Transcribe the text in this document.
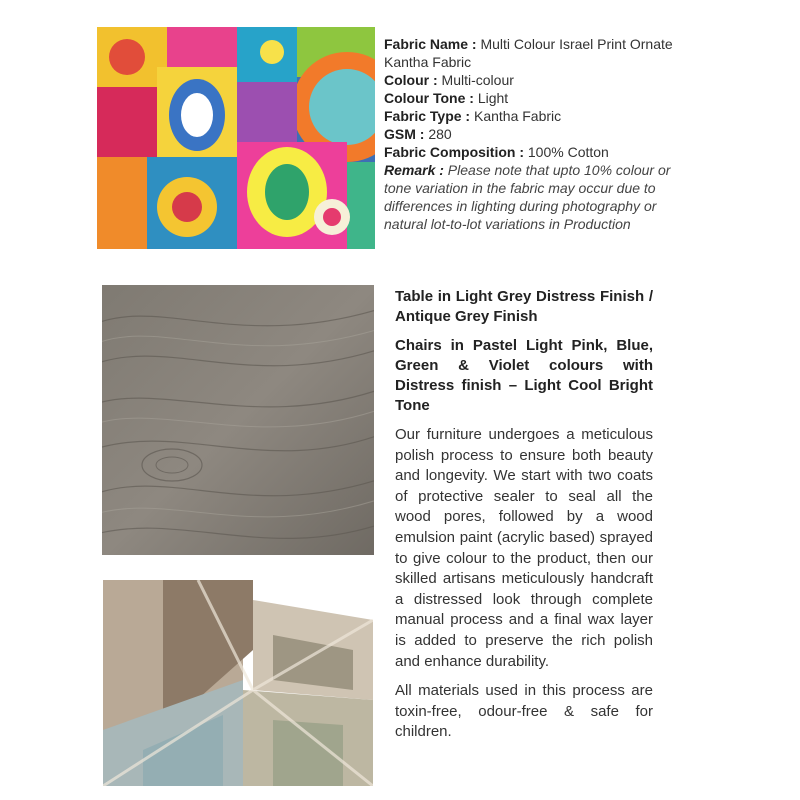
Fabric Name : Multi Colour Israel Print Ornate Kantha Fabric
Colour : Multi-colour
Colour Tone : Light
Fabric Type : Kantha Fabric
GSM : 280
Fabric Composition : 100% Cotton
Remark : Please note that upto 10% colour or tone variation in the fabric may occur due to differences in lighting during photography or natural lot-to-lot variations in Production
Table in Light Grey Distress Finish / Antique Grey Finish
Chairs in Pastel Light Pink, Blue, Green & Violet colours with Distress finish – Light Cool Bright Tone
Our furniture undergoes a meticulous polish process to ensure both beauty and longevity. We start with two coats of protective sealer to seal all the wood pores, followed by a wood emulsion paint (acrylic based) sprayed to give colour to the product, then our skilled artisans meticulously handcraft a distressed look through complete manual process and a final wax layer is added to preserve the rich polish and enhance durability.
All materials used in this process are toxin-free, odour-free & safe for children.
